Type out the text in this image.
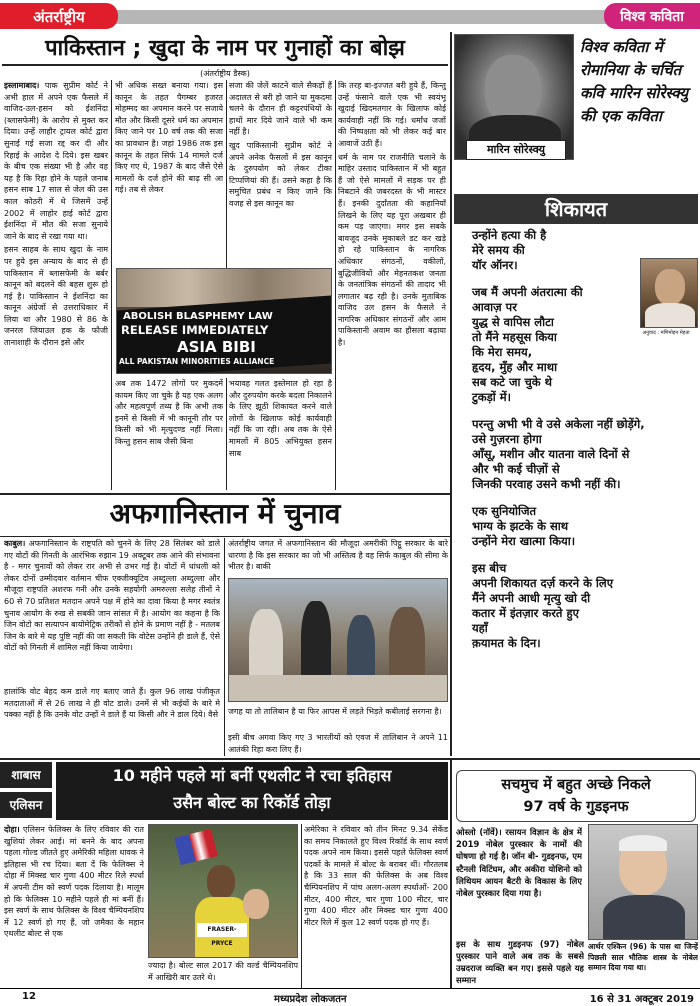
अंतर्राष्ट्रीय	विश्व कविता
पाकिस्तान ; खुदा के नाम पर गुनाहों का बोझ
(अंतर्राष्ट्रीय डैस्क)

इस्लामाबाद। पाक सुप्रीम कोर्ट ने अभी हाल में अपने एक फैसले में वाजिद-उल-हसन को ईशनिंदा (ब्लासफेमी) के आरोप से मुक्त कर दिया। उन्हें लाहौर ट्रायल कोर्ट द्वारा सुनाई गई सजा रद्द कर दी और रिहाई के आदेश दे दिये। इस खबर के बीच एक संख्या भी है और वह यह है कि रिहा होने के पहले जनाब हसन साब 17 साल से जेल की उस काल कोठरी में थे जिसमें उन्हें 2002 में लाहोर हाई कोर्ट द्वारा ईशनिंदा में मौत की सजा सुनाये जाने के बाद से रखा गया था।

हसन साहब के साथ खुदा के नाम पर हुये इस अन्याय के बाद से ही पाकिस्तान में ब्लासफेमी के बर्बर कानून को बदलने की बहस शुरू हो गई है। पाकिस्तान ने ईशनिंदा का कानून अंग्रेजों से उत्तराधिकार में लिया था और 1980 से 86 के जनरल जियाउल हक के फौजी तानाशाही के दौरान इसे और

भी अधिक सख्त बनाया गया। इस कानून के तहत पैगम्बर हजरत मोहम्मद का अपमान करने पर सजाये मौत और किसी दूसरे धर्म का अपमान किए जाने पर 10 वर्ष तक की सजा का प्रावधान है। जहां 1986 तक इस कानून के तहत सिर्फ 14 मामले दर्ज किए गए थे, 1987 के बाद जैसे ऐसे मामलों के दर्ज होने की बाढ़ सी आ गई। तब से लेकर

सजा की जेलें काटने वाले सैकड़ों हैं अदालत से बरी हो जाने या मुकदमा चलने के दौरान ही कट्टरपंथियों के हाथों मार दिये जाने वाले भी कम नहीं है।

खुद पाकिस्तानी सुप्रीम कोर्ट ने अपने अनेक फैसलों में इस कानून के दुरुपयोग को लेकर टीका टिप्पणियां की हैं। उसने कहा है कि समुचित प्रबंध न किए जाने कि वजह से इस कानून का

कि तरह बा-इज्जत बरी हुये हैं, किन्तु उन्हें फंसाने वाले एक भी स्वयंभू खुदाई खिदमतगार के खिलाफ कोई कार्यवाही नहीं कि गई। धर्मांध जजों की निष्पक्षता को भी लेकर कई बार आवाजें उठी हैं।

धर्म के नाम पर राजनीति चलाने के माहिर उस्ताद पाकिस्तान में भी बहुत हैं जो ऐसे मामलों में सड़क पर ही निबटाने की जबरदस्त के भी मास्टर हैं। इनकी दुर्दांतता की कहानियाँ लिखने के लिए यह पूरा अखबार ही कम पड़ जाएगा। मगर इस सबके बावजूद उनके मुकाबले डट कर खड़े हो रहे पाकिस्तान के नागरिक अधिकार संगठनों, वकीलों, बुद्धिजीवियों और मेहनतकश जनता के जनतांत्रिक संगठनों की तादाद भी लगातार बढ़ रही है। उनके मुताबिक वाजिद उल हसन के फैसले ने नागरिक अधिकार संगठनों और आम पाकिस्तानी अवाम का हौसला बढ़ाया है।

ABOLISH BLASPHEMY LAW
RELEASE IMMEDIATELY
ASIA BIBI
ALL PAKISTAN MINORITIES ALLIANCE
अब तक 1472 लोगों पर मुकदमें कायम किए जा चुके है यह एक अलग और महत्वपूर्ण तथ्य है कि अभी तक इनमें से किसी में भी कानूनी तौर पर किसी को भी मृत्युदण्ड नहीं मिला। किन्तु हसन साब जैसी बिना
भयावह गलत इस्तेमाल हो रहा है और दुरुपयोग करके बदला निकालने के लिए झूठी शिकायत करने वाले लोगों के खिलाफ कोई कार्यवाही नहीं कि जा रही। अब तक के ऐसे मामलों में 805 अभियुक्त हसन साब
मारिन सोरेस्क्यु
विश्व कविता में रोमानिया के चर्चित कवि मारिन सोरेस्क्यु की एक कविता
शिकायत
अनुवाद : मणिमोहन मेहता

उन्होंने हत्या की है
मेरे समय की
यॉर ऑनर।

जब मैं अपनी अंतरात्मा की
आवाज़ पर
युद्ध से वापिस लौटा
तो मैंने महसूस किया
कि मेरा समय,
हृदय, मुँह और माथा
सब कटे जा चुके थे
टुकड़ों में।

परन्तु अभी भी वे उसे अकेला नहीं छोड़ेंगे,
उसे गुज़रना होगा
आँसू, मशीन और यातना वाले दिनों से
और भी कई चीज़ों से
जिनकी परवाह उसने कभी नहीं की।

एक सुनियोजित
भाग्य के झटके के साथ
उन्होंने मेरा खात्मा किया।

इस बीच
अपनी शिकायत दर्ज़ करने के लिए
मैंने अपनी आधी मृत्यु खो दी
कतार में इंतज़ार करते हुए
यहाँ
क़यामत के दिन।

अफगानिस्तान में चुनाव
काबुल। अफगानिस्तान के राष्ट्रपति को चुनने के लिए 28 सितंबर को डाले गए वोटों की गिनती के आरंभिक रुझान 19 अक्टूबर तक आने की संभावना है - मगर चुनावों को लेकर रार अभी से उभर गई है। वोटों में धांधली को लेकर दोनों उम्मीदवार वर्तमान चीफ एक्जीक्यूटिव अब्दुल्ला अब्दुल्ला और मौजूदा राष्ट्रपति अशरफ गनी और उनके सहयोगी अमरुल्ला सलेह तीनों ने 60 से 70 प्रतिशत मतदान अपने पक्ष में होने का दावा किया है मगर स्वतंत्र चुनाव आयोग के रुख से सबकी जान सांसत में है। आयोग का कहना है कि जिन वोटो का सत्यापन बायोमेट्रिक तरीकों से होने के प्रमाण नहीं है - मतलब जिन के बारे मे यह पुष्टि नहीं की जा सकती कि वोटेस उन्होंने ही डाले हैं, ऐसे वोटों को गिनती में शामिल नहीं किया जायेगा।
हालांकि वोट बेहद कम डाले गए बताए जाते हैं। कुल 96 लाख पंजीकृत मतदाताओं में से 26 लाख ने ही वोट डाले। उनमें से भी कईयों के बारे मे पक्का नहीं है कि उनके वोट उन्हों ने डाले हैं या किसी और ने डाल दिये। वैसे
अंतर्राष्ट्रीय जगत में अफगानिस्तान की मौजूदा अमरीकी पिट्ठू सरकार के बारे धारणा है कि इस सरकार का जो भी अस्तित्व है वह सिर्फ काबुल की सीमा के भीतर है। बाकी
जगह या तो तालिबान है या फिर आपस में लड़ते भिड़ते कबीलाई सरगना है।
इसी बीच अगवा किए गए 3 भारतीयों को एवज में तालिबान ने अपने 11 आतंकी रिहा करा लिए हैं।
शाबास
एलिसन
10 महीने पहले मां बनीं एथलीट ने रचा इतिहास
उसैन बोल्ट का रिकॉर्ड तोड़ा
दोहा। एलिसन फेलिक्स के लिए रविवार की रात खुशियां लेकर आई। मां बनने के बाद अपना पहला गोल्ड जीतते हुए अमेरिकी महिला धावक ने इतिहास भी रच दिया। बता दें कि फेलिक्स ने दोहा में मिक्स्ड चार गुणा 400 मीटर रिले स्पर्धा में अपनी टीम को स्वर्ण पदक दिलाया है। मालूम हो कि फेलिक्स 10 महीने पहले ही मां बनीं हैं। इस स्वर्ण के साथ फेलिक्स के विश्व चैम्पियनशिप में 12 स्वर्ण हो गए हैं, जो जमैका के महान एथलीट बोल्ट से एक	FRASER-PRYCE
ज्यादा है। बोल्ट साल 2017 की वर्ल्ड चैम्पियनशिप में आखिरी बार उतरे थे।
अमेरिका ने रविवार को तीन मिनट 9.34 सेकेंड का समय निकालते हुए विश्व रिकॉर्ड के साथ स्वर्ण पदक अपने नाम किया। इससे पहले फेलिक्स स्वर्ण पदकों के मामले में बोल्ट के बराबर थीं। गौरतलब है कि 33 साल की फेलिक्स के अब विश्व चैम्पियनशिप में पांच अलग-अलग स्पर्धाओं- 200 मीटर, 400 मीटर, चार गुणा 100 मीटर, चार गुणा 400 मीटर और मिक्स्ड चार गुणा 400 मीटर रिले में कुल 12 स्वर्ण पदक हो गए हैं।
सचमुच में बहुत अच्छे निकले
97 वर्ष के गुडइनफ
ओस्लो (नॉर्वे)। रसायन विज्ञान के क्षेत्र में 2019 नोबेल पुरस्कार के नामों की घोषणा हो गई है। जॉन बी- गुडइनफ, एम स्टैनली विटिंघम, और अकीरा योशिनो को लिथियम आयन बैटरी के विकास के लिए नोबेल पुरस्कार दिया गया है।
इस के साथ गुडइनफ (97) नोबेल पुरस्कार पाने वाले अब तक के सबसे उम्रदराज व्यक्ति बन गए। इससे पहले यह सम्मान
आर्थर एश्किन (96) के पास था जिन्हें पिछली साल भौतिक शास्त्र के नोबेल सम्मान दिया गया था।
12	मध्यप्रदेश लोकजतन	16 से 31 अक्टूबर 2019
